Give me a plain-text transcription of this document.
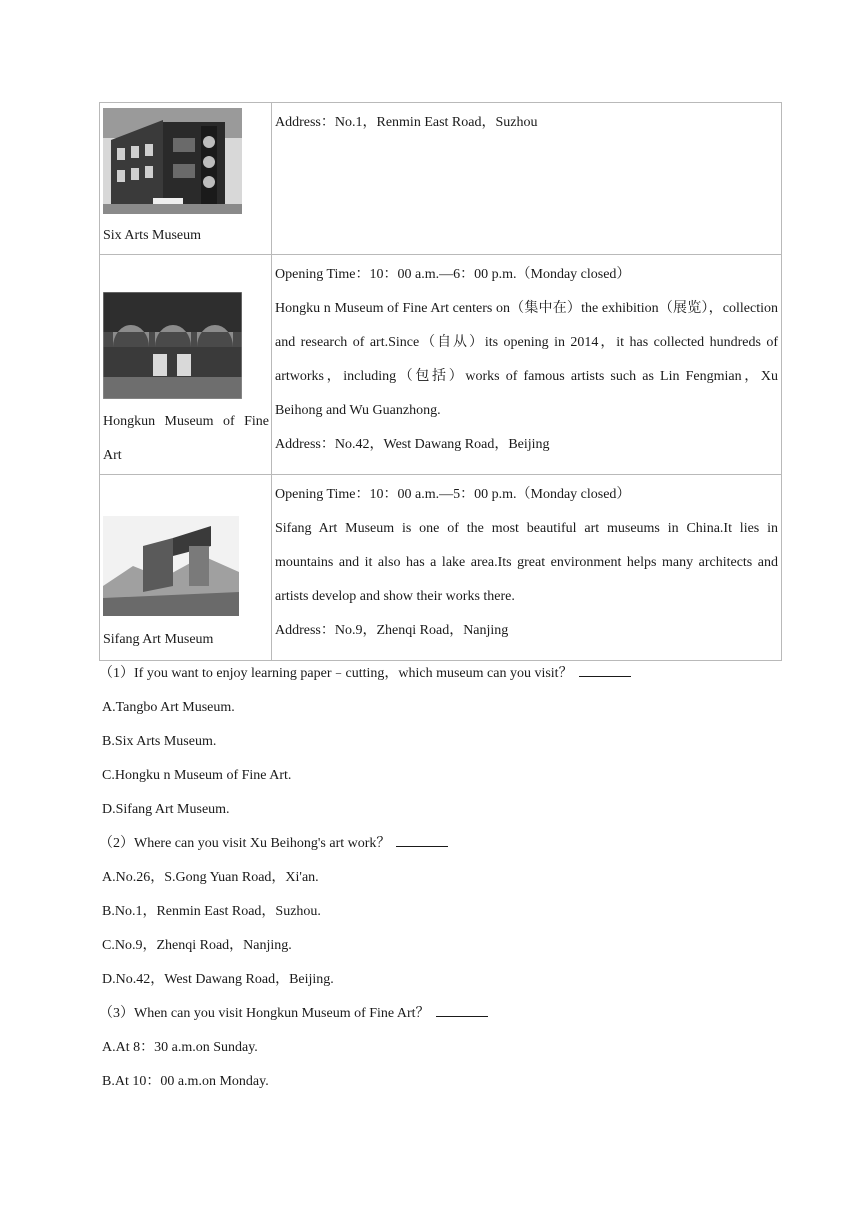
Six Arts Museum	Address：No.1，Renmin East Road，Suzhou

Hongkun Museum of Fine Art	Opening Time：10：00 a.m.—6：00 p.m.（Monday closed）

Hongku n Museum of Fine Art centers on（集中在）the exhibition（展览），collection and research of art.Since（自从）its opening in 2014，it has collected hundreds of artworks，including（包括）works of famous artists such as Lin Fengmian，Xu Beihong and Wu Guanzhong.

Address：No.42，West Dawang Road，Beijing

Sifang Art Museum	Opening Time：10：00 a.m.—5：00 p.m.（Monday closed）

Sifang Art Museum is one of the most beautiful art museums in China.It lies in mountains and it also has a lake area.Its great environment helps many architects and artists develop and show their works there.

Address：No.9，Zhenqi Road，Nanjing

（1）If you want to enjoy learning paper﹣cutting，which museum can you visit？

A.Tangbo Art Museum.

B.Six Arts Museum.

C.Hongku n Museum of Fine Art.

D.Sifang Art Museum.

（2）Where can you visit Xu Beihong's art work？

A.No.26，S.Gong Yuan Road，Xi'an.

B.No.1，Renmin East Road，Suzhou.

C.No.9，Zhenqi Road，Nanjing.

D.No.42，West Dawang Road，Beijing.

（3）When can you visit Hongkun Museum of Fine Art？

A.At 8：30 a.m.on Sunday.

B.At 10：00 a.m.on Monday.
